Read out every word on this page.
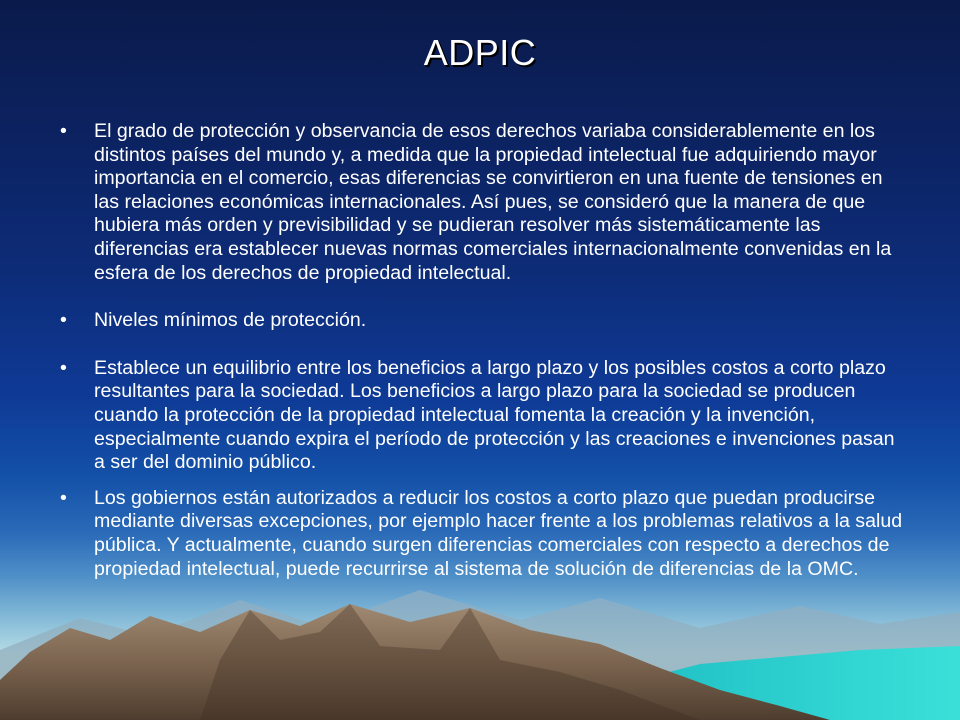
ADPIC
• El grado de protección y observancia de esos derechos variaba considerablemente en los distintos países del mundo y, a medida que la propiedad intelectual fue adquiriendo mayor importancia en el comercio, esas diferencias se convirtieron en una fuente de tensiones en las relaciones económicas internacionales. Así pues, se consideró que la manera de que hubiera más orden y previsibilidad y se pudieran resolver más sistemáticamente las diferencias era establecer nuevas normas comerciales internacionalmente convenidas en la esfera de los derechos de propiedad intelectual.
• Niveles mínimos de protección.
• Establece un equilibrio entre los beneficios a largo plazo y los posibles costos a corto plazo resultantes para la sociedad. Los beneficios a largo plazo para la sociedad se producen cuando la protección de la propiedad intelectual fomenta la creación y la invención, especialmente cuando expira el período de protección y las creaciones e invenciones pasan a ser del dominio público.
• Los gobiernos están autorizados a reducir los costos a corto plazo que puedan producirse mediante diversas excepciones, por ejemplo hacer frente a los problemas relativos a la salud pública. Y actualmente, cuando surgen diferencias comerciales con respecto a derechos de propiedad intelectual, puede recurrirse al sistema de solución de diferencias de la OMC.
